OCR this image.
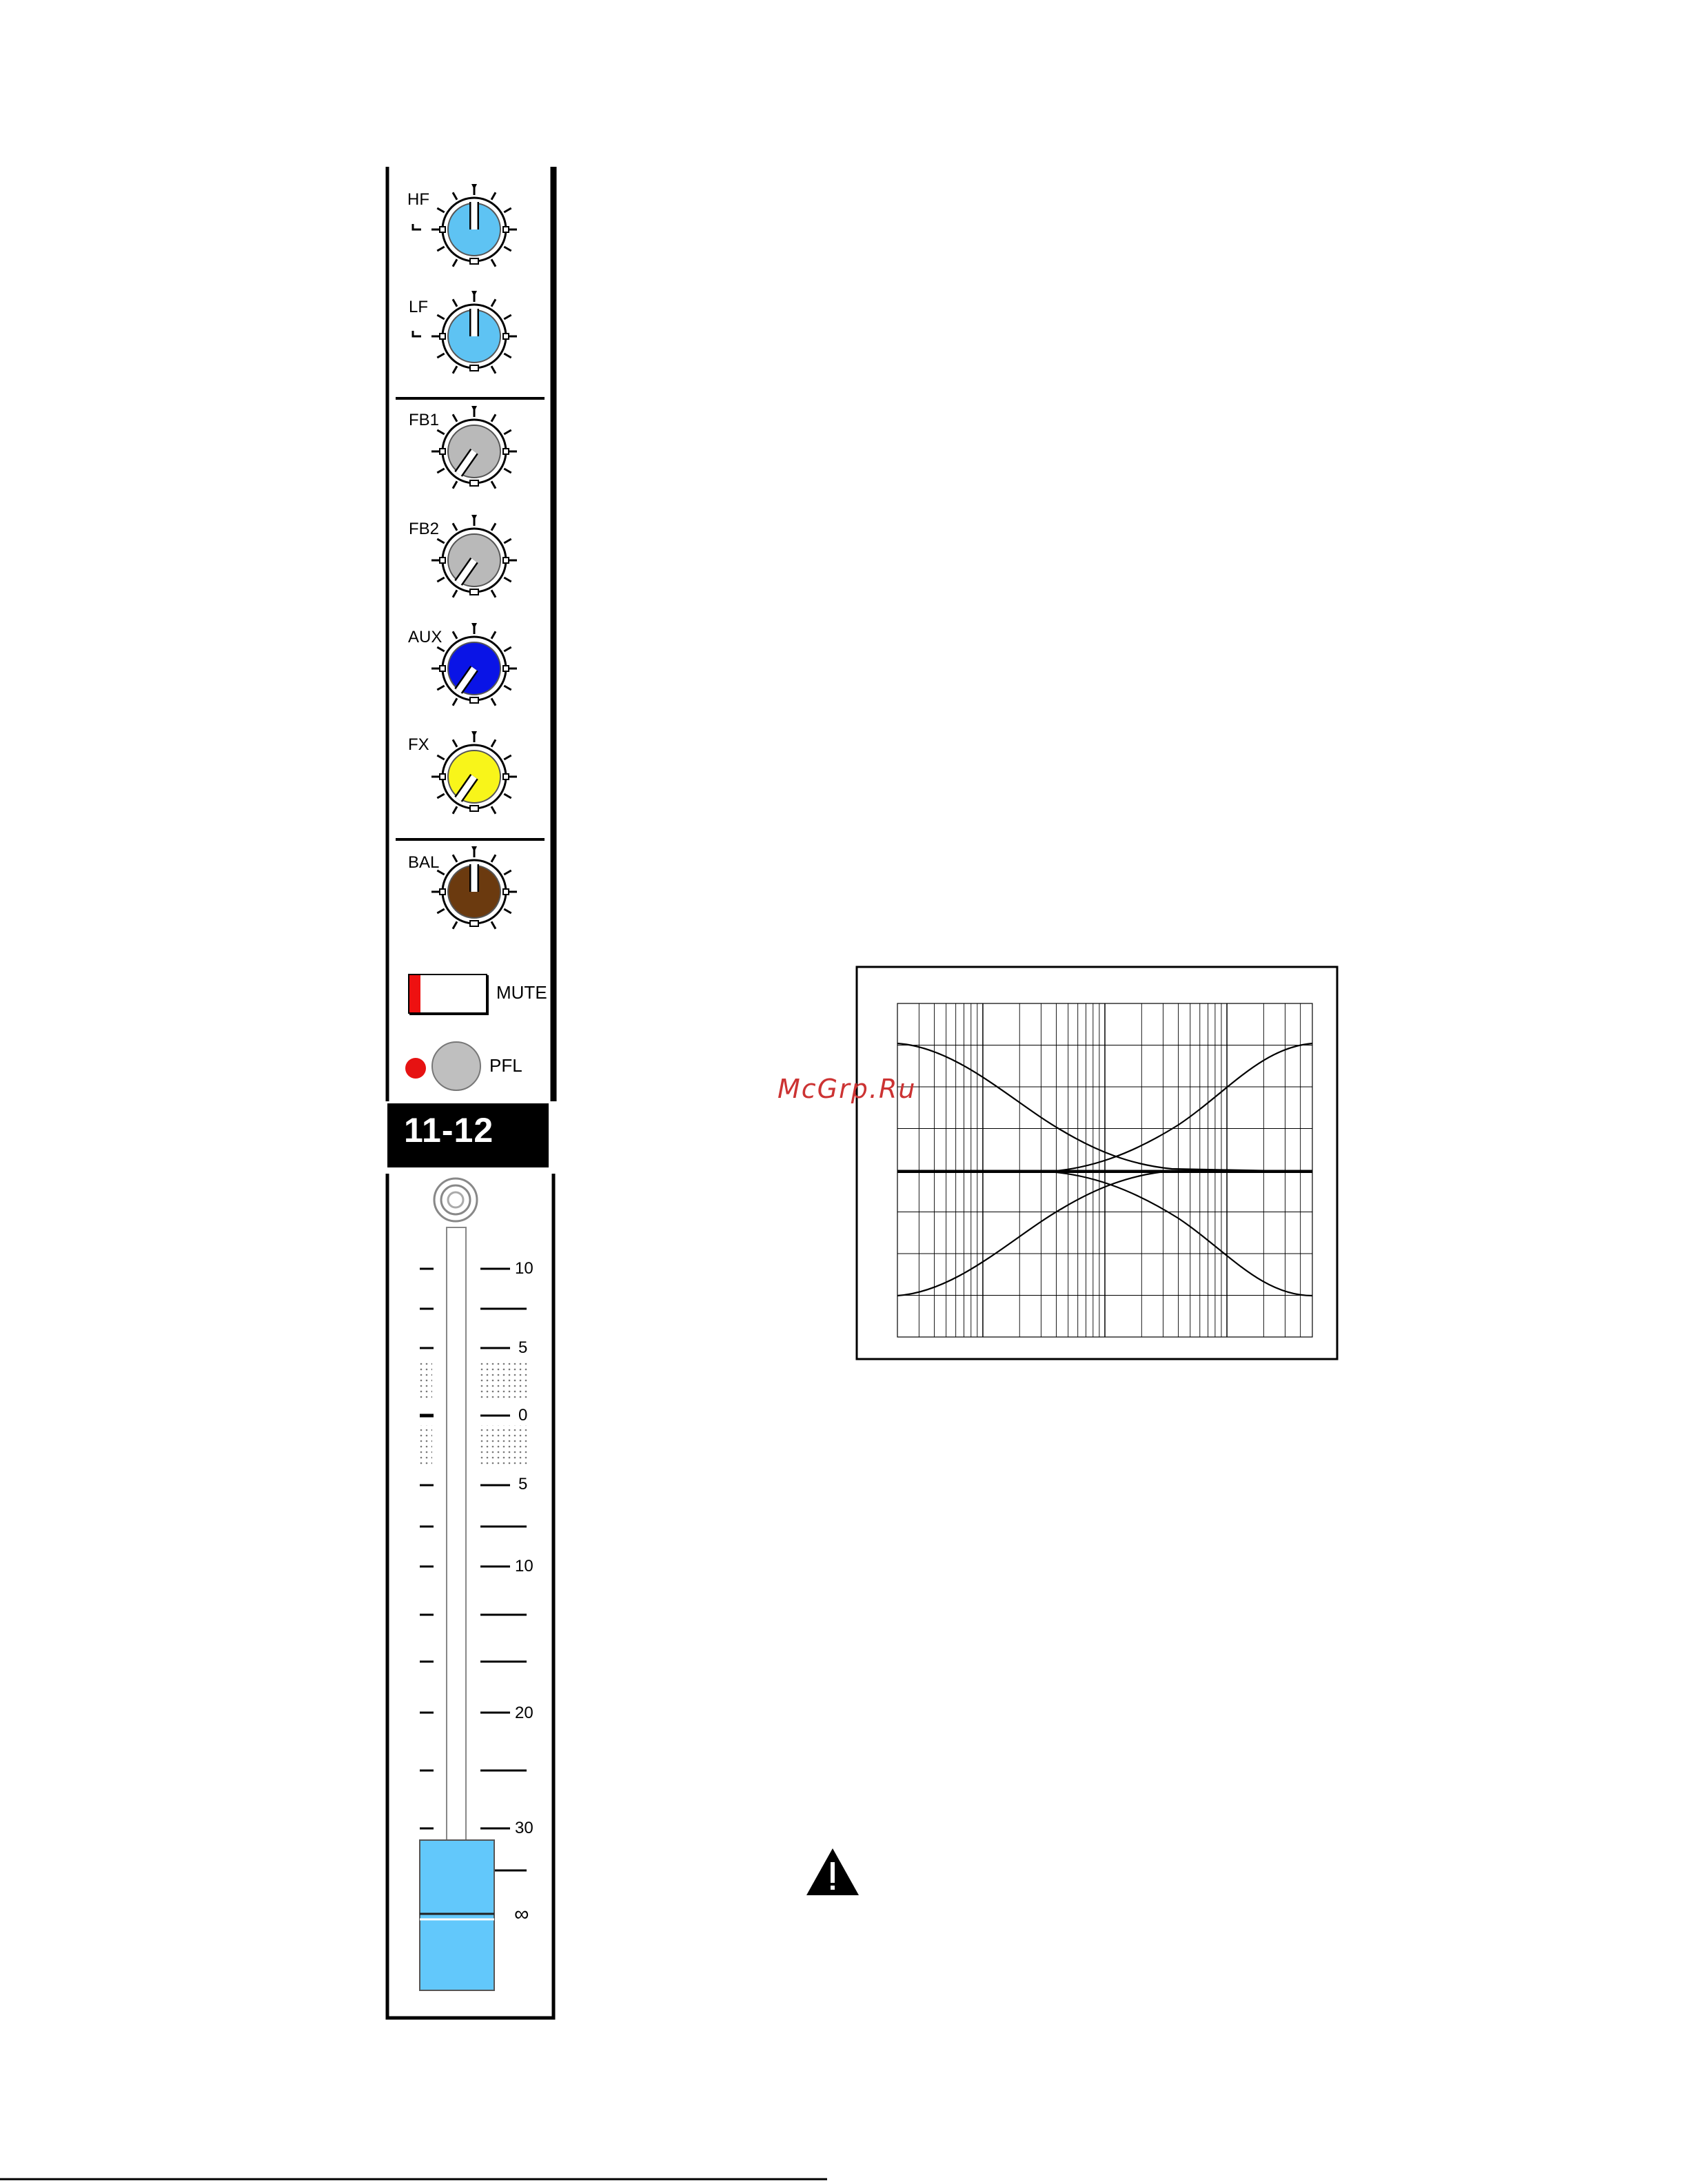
HF
LF
FB1
FB2
AUX
FX
BAL
MUTE
PFL
11-12
10
5
0
5
10
20
30
∞
McGrp.Ru
